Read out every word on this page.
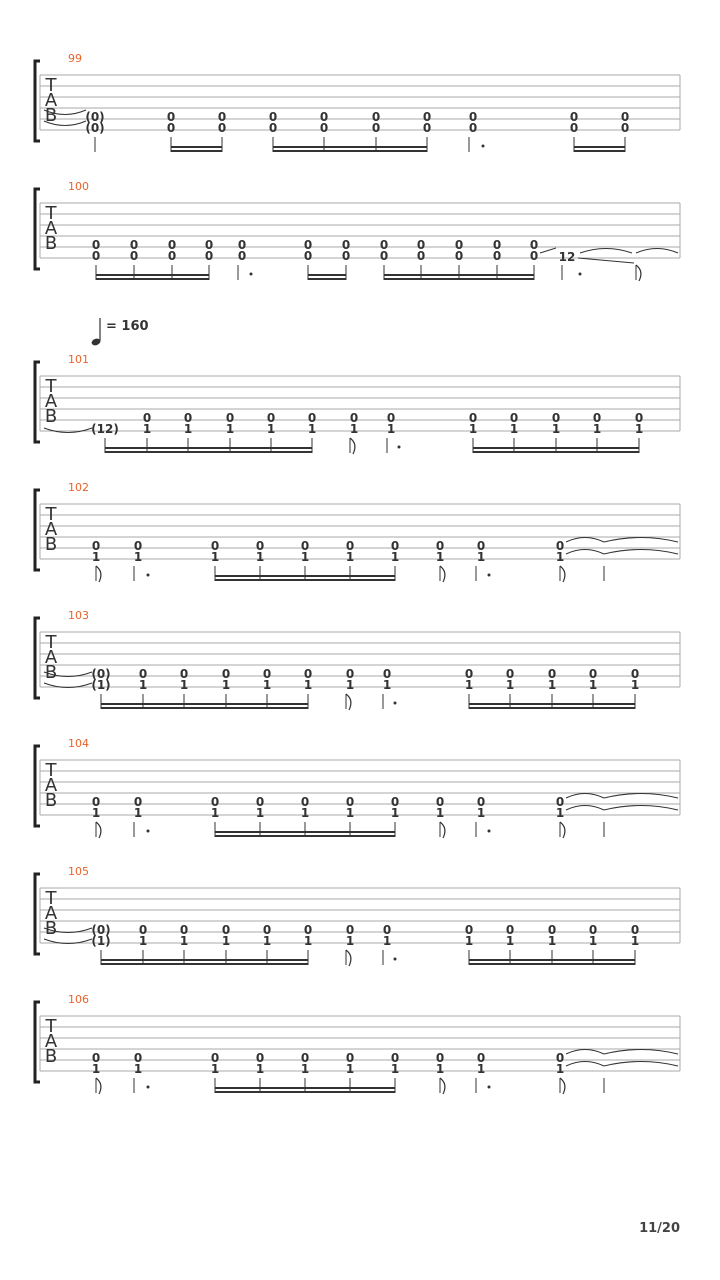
T
A
B
99
(0)
(0)
0
0
0
0
0
0
0
0
0
0
0
0
0
0
0
0
0
0
T
A
B
100
0
0
0
0
0
0
0
0
0
0
0
0
0
0
0
0
0
0
0
0
0
0
0
0 12
T
A
B
101
(12)
0
1
0
1
0
1
0
1
0
1
0
1
0
1
0
1
0
1
0
1
0
1
0
1
T
A
B
102
0
1
0
1
0
1
0
1
0
1
0
1
0
1
0
1
0
1
0
1
T
A
B
103
(0)
(1)
0
1
0
1
0
1
0
1
0
1
0
1
0
1
0
1
0
1
0
1
0
1
0
1
T
A
B
104
0
1
0
1
0
1
0
1
0
1
0
1
0
1
0
1
0
1
0
1
T
A
B
105
(0)
(1)
0
1
0
1
0
1
0
1
0
1
0
1
0
1
0
1
0
1
0
1
0
1
0
1
T
A
B
106
0
1
0
1
0
1
0
1
0
1
0
1
0
1
0
1
0
1
0
1
= 160
11/20
